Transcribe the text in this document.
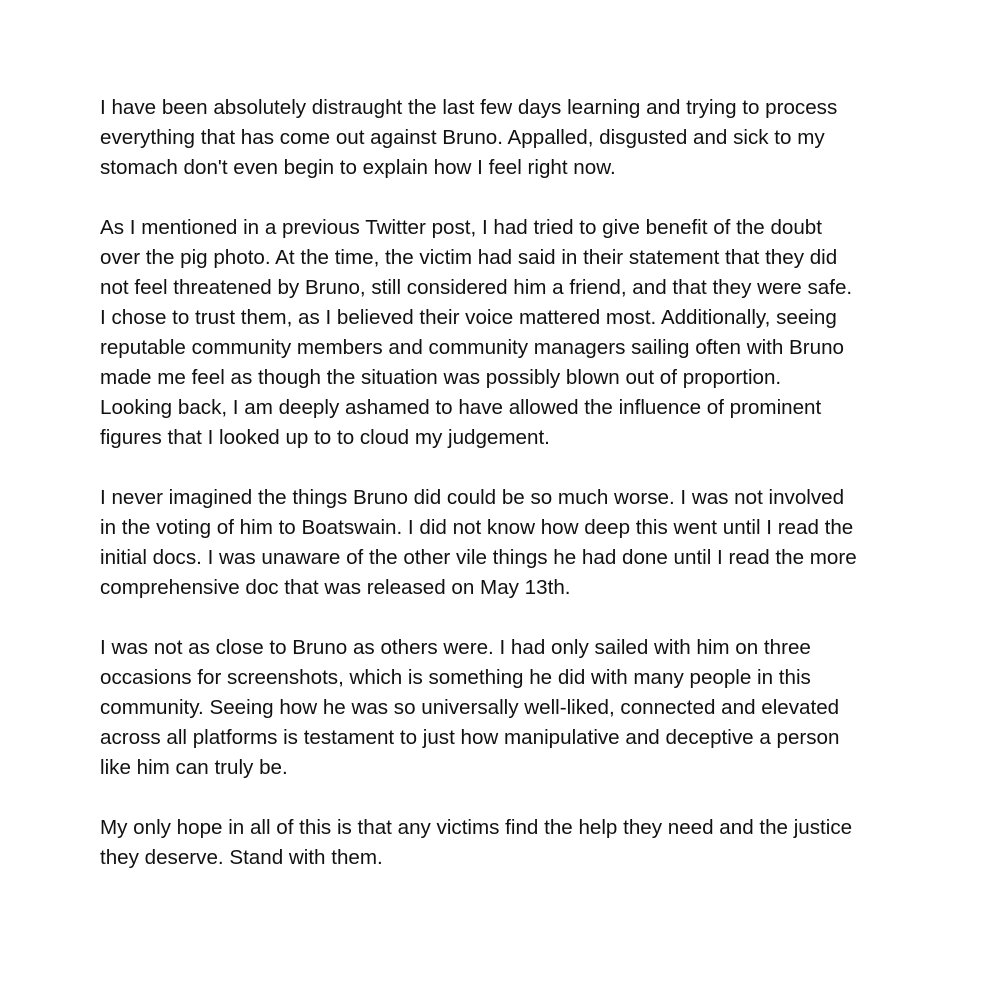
I have been absolutely distraught the last few days learning and trying to process
everything that has come out against Bruno. Appalled, disgusted and sick to my
stomach don't even begin to explain how I feel right now.

As I mentioned in a previous Twitter post, I had tried to give benefit of the doubt
over the pig photo. At the time, the victim had said in their statement that they did
not feel threatened by Bruno, still considered him a friend, and that they were safe.
I chose to trust them, as I believed their voice mattered most. Additionally, seeing
reputable community members and community managers sailing often with Bruno
made me feel as though the situation was possibly blown out of proportion.
Looking back, I am deeply ashamed to have allowed the influence of prominent
figures that I looked up to to cloud my judgement.

I never imagined the things Bruno did could be so much worse. I was not involved
in the voting of him to Boatswain. I did not know how deep this went until I read the
initial docs. I was unaware of the other vile things he had done until I read the more
comprehensive doc that was released on May 13th.

I was not as close to Bruno as others were. I had only sailed with him on three
occasions for screenshots, which is something he did with many people in this
community. Seeing how he was so universally well-liked, connected and elevated
across all platforms is testament to just how manipulative and deceptive a person
like him can truly be.

My only hope in all of this is that any victims find the help they need and the justice
they deserve. Stand with them.
